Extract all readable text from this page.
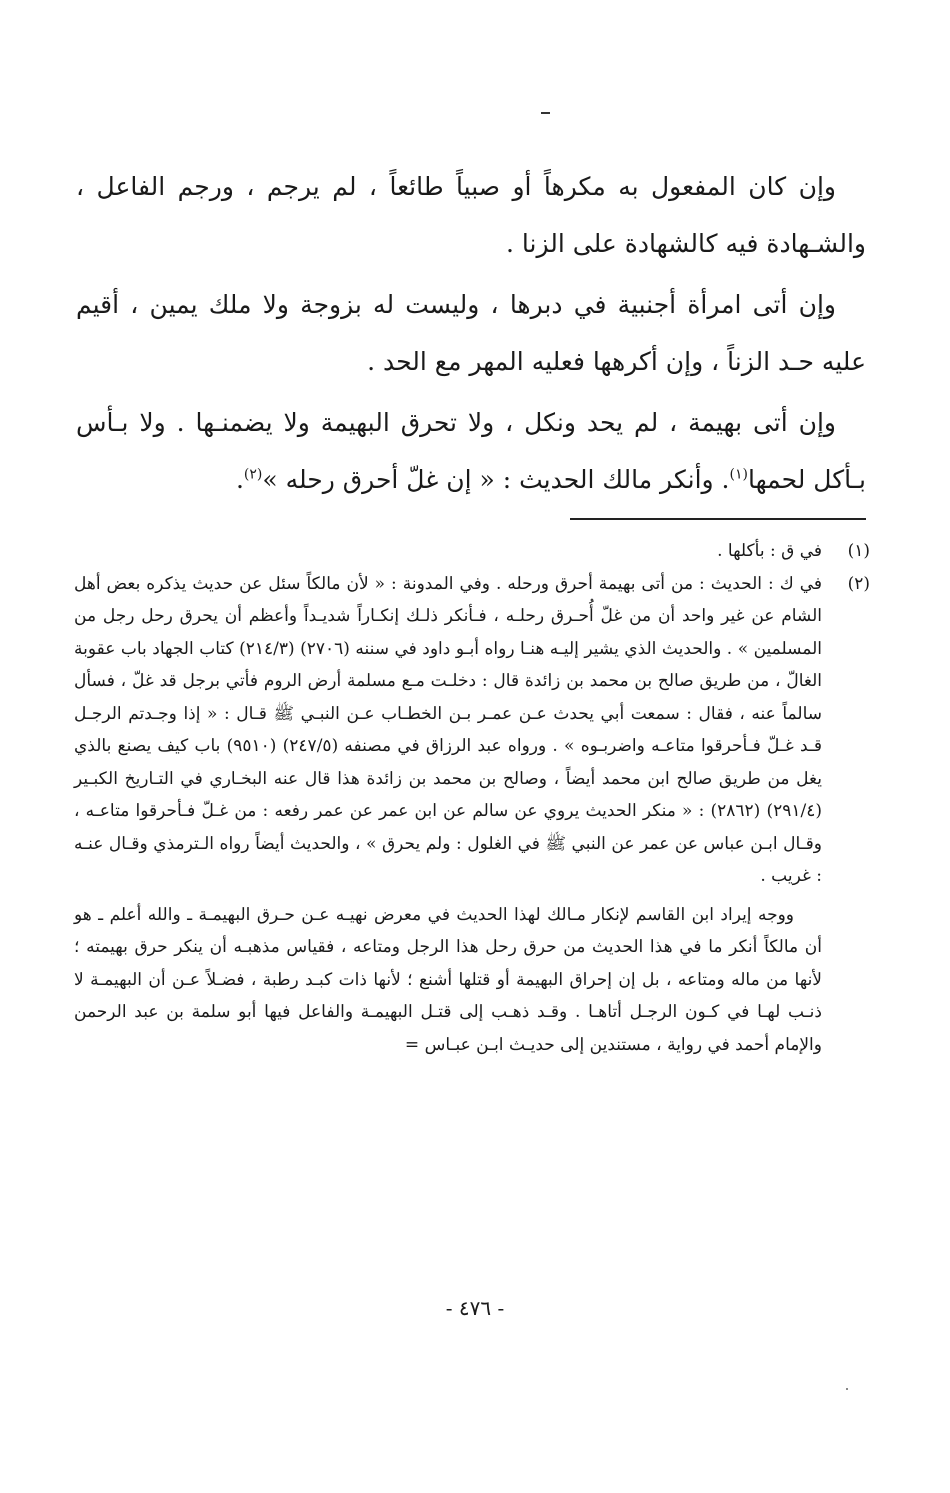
وإن كان المفعول به مكرهاً أو صبياً طائعاً ، لم يرجم ، ورجم الفاعل ، والشـهادة فيه كالشهادة على الزنا .

وإن أتى امرأة أجنبية في دبرها ، وليست له بزوجة ولا ملك يمين ، أقيم عليه حـد الزناً ، وإن أكرهها فعليه المهر مع الحد .

وإن أتى بهيمة ، لم يحد ونكل ، ولا تحرق البهيمة ولا يضمنـها . ولا بـأس بـأكل لحمها$^{(١)}$. وأنكر مالك الحديث : « إن غلّ أحرق رحله »$^{(٢)}$.

(١)
في ق : بأكلها .
(٢)
في ك : الحديث : من أتى بهيمة أحرق ورحله . وفي المدونة : « لأن مالكاً سئل عن حديث يذكره بعض أهل الشام عن غير واحد أن من غلّ أُحـرق رحلـه ، فـأنكر ذلـك إنكـاراً شديـداً وأعظم أن يحرق رحل رجل من المسلمين » . والحديث الذي يشير إليـه هنـا رواه أبـو داود في سننه (٢٧٠٦) (٢١٤/٣) كتاب الجهاد باب عقوبة الغالّ ، من طريق صالح بن محمد بن زائدة قال : دخلـت مـع مسلمة أرض الروم فأتي برجل قد غلّ ، فسأل سالماً عنه ، فقال : سمعت أبي يحدث عـن عمـر بـن الخطـاب عـن النبـي ﷺ قـال : « إذا وجـدتم الرجـل قـد غـلّ فـأحرقوا متاعـه واضربـوه » . ورواه عبد الرزاق في مصنفه (٢٤٧/٥) (٩٥١٠) باب كيف يصنع بالذي يغل من طريق صالح ابن محمد أيضاً ، وصالح بن محمد بن زائدة هذا قال عنه البخـاري في التـاريخ الكبـير (٢٩١/٤) (٢٨٦٢) : « منكر الحديث يروي عن سالم عن ابن عمر عن عمر رفعه : من غـلّ فـأحرقوا متاعـه ، وقـال ابـن عباس عن عمر عن النبي ﷺ في الغلول : ولم يحرق » ، والحديث أيضاً رواه الـترمذي وقـال عنـه : غريب .

ووجه إيراد ابن القاسم لإنكار مـالك لهذا الحديث في معرض نهيـه عـن حـرق البهيمـة ـ والله أعلم ـ هو أن مالكاً أنكر ما في هذا الحديث من حرق رحل هذا الرجل ومتاعه ، فقياس مذهبـه أن ينكر حرق بهيمته ؛ لأنها من ماله ومتاعه ، بل إن إحراق البهيمة أو قتلها أشنع ؛ لأنها ذات كبـد رطبة ، فضـلاً عـن أن البهيمـة لا ذنـب لهـا في كـون الرجـل أتاهـا . وقـد ذهـب إلى قتـل البهيمـة والفاعل فيها أبو سلمة بن عبد الرحمن والإمام أحمد في رواية ، مستندين إلى حديـث ابـن عبـاس =

- ٤٧٦ -
